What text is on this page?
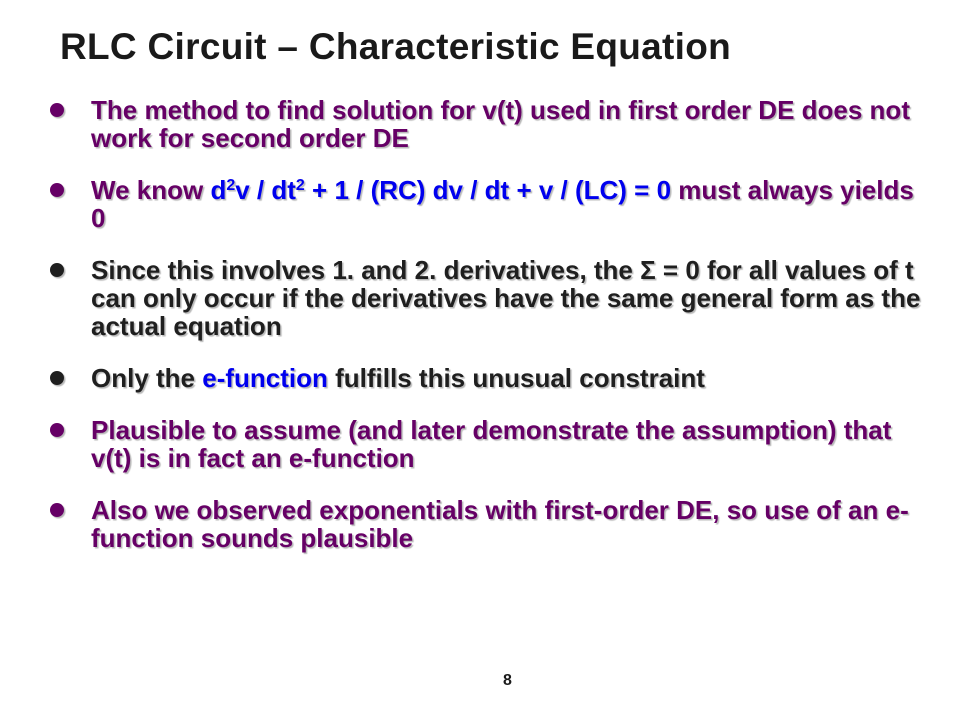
RLC Circuit – Characteristic Equation
The method to find solution for v(t) used in first order DE does not work for second order DE
We know $d^2v / dt^2 + 1 / (RC)$ dv / dt + v / (LC) = 0 must always yields 0
Since this involves 1. and 2. derivatives, the Σ = 0 for all values of t can only occur if the derivatives have the same general form as the actual equation
Only the e-function fulfills this unusual constraint
Plausible to assume (and later demonstrate the assumption) that v(t) is in fact an e-function
Also we observed exponentials with first-order DE, so use of an e-function sounds plausible
8
